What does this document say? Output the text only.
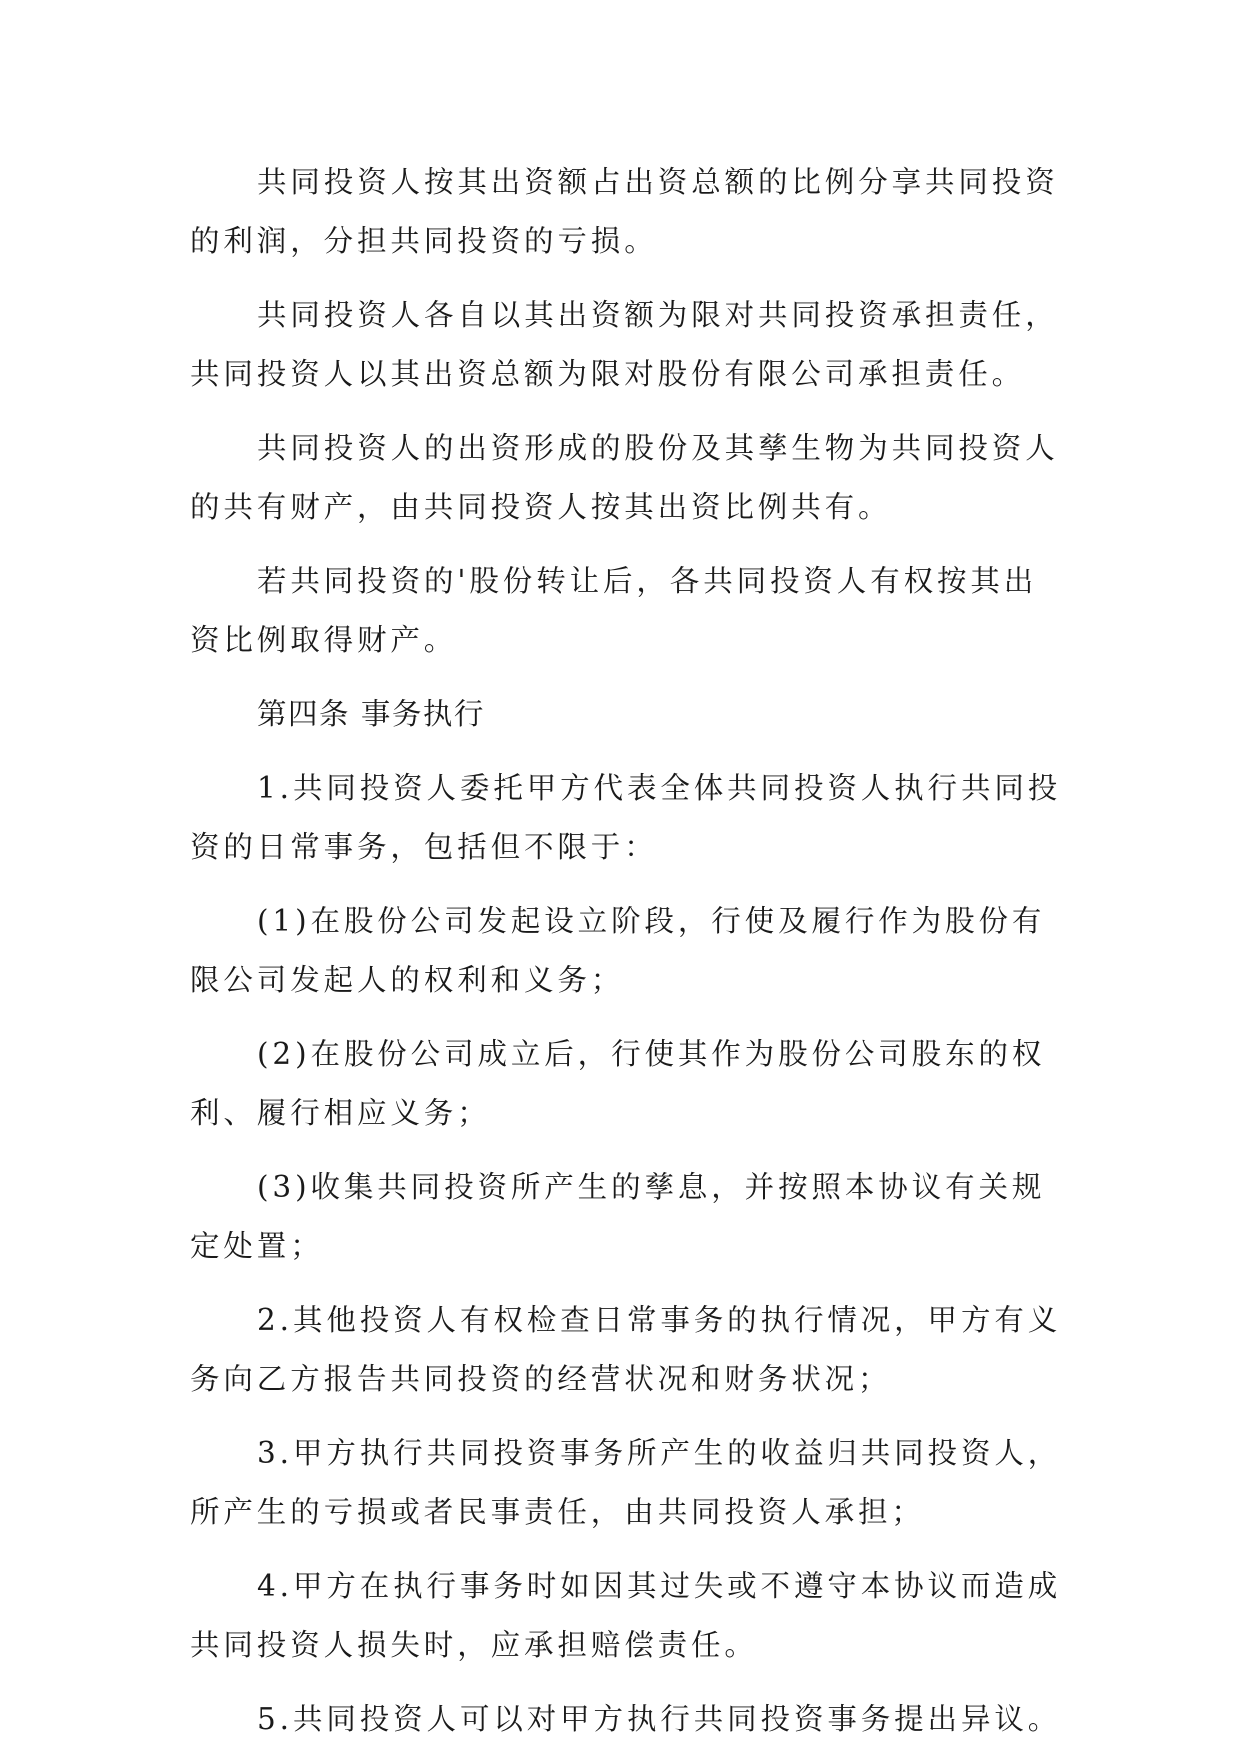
共同投资人按其出资额占出资总额的比例分享共同投资的利润，分担共同投资的亏损。

共同投资人各自以其出资额为限对共同投资承担责任，共同投资人以其出资总额为限对股份有限公司承担责任。

共同投资人的出资形成的股份及其孳生物为共同投资人的共有财产，由共同投资人按其出资比例共有。

若共同投资的'股份转让后，各共同投资人有权按其出资比例取得财产。

第四条 事务执行

1.共同投资人委托甲方代表全体共同投资人执行共同投资的日常事务，包括但不限于：

(1)在股份公司发起设立阶段，行使及履行作为股份有限公司发起人的权利和义务；

(2)在股份公司成立后，行使其作为股份公司股东的权利、履行相应义务；

(3)收集共同投资所产生的孳息，并按照本协议有关规定处置；

2.其他投资人有权检查日常事务的执行情况，甲方有义务向乙方报告共同投资的经营状况和财务状况；

3.甲方执行共同投资事务所产生的收益归共同投资人，所产生的亏损或者民事责任，由共同投资人承担；

4.甲方在执行事务时如因其过失或不遵守本协议而造成共同投资人损失时，应承担赔偿责任。

5.共同投资人可以对甲方执行共同投资事务提出异议。
